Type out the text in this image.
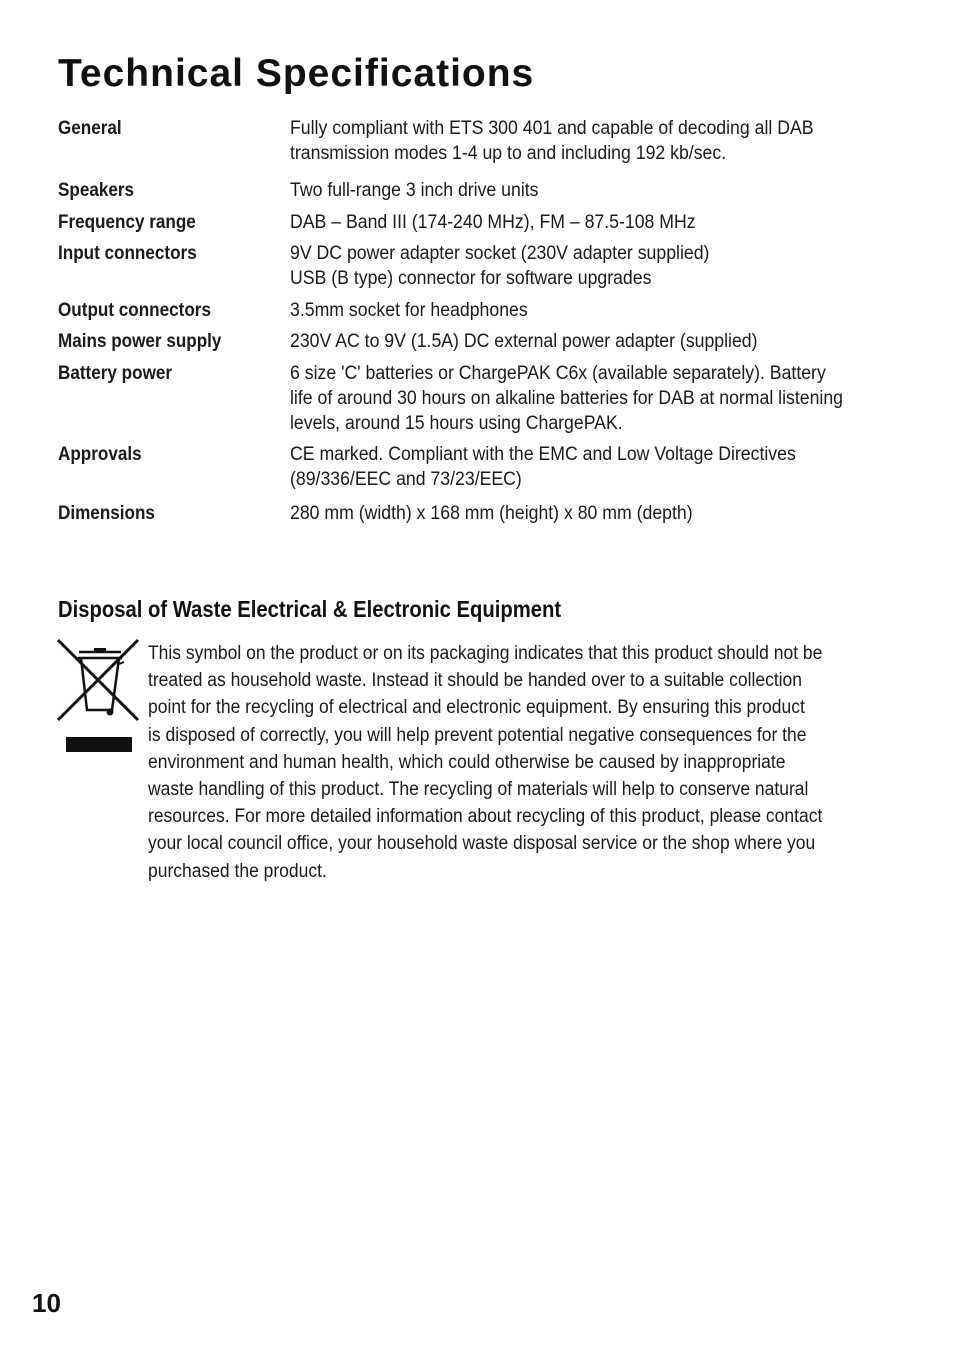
Technical Specifications
General	Fully compliant with ETS 300 401 and capable of decoding all DAB
transmission modes 1-4 up to and including 192 kb/sec.
Speakers	Two full-range 3 inch drive units
Frequency range	DAB – Band III (174-240 MHz), FM – 87.5-108 MHz
Input connectors	9V DC power adapter socket (230V adapter supplied)
USB (B type) connector for software upgrades
Output connectors	3.5mm socket for headphones
Mains power supply	230V AC to 9V (1.5A) DC external power adapter (supplied)
Battery power	6 size 'C' batteries or ChargePAK C6x (available separately). Battery
life of around 30 hours on alkaline batteries for DAB at normal listening
levels, around 15 hours using ChargePAK.
Approvals	CE marked. Compliant with the EMC and Low Voltage Directives
(89/336/EEC and 73/23/EEC)
Dimensions	280 mm (width) x 168 mm (height) x 80 mm (depth)
Disposal of Waste Electrical & Electronic Equipment
This symbol on the product or on its packaging indicates that this product should not be
treated as household waste. Instead it should be handed over to a suitable collection
point for the recycling of electrical and electronic equipment. By ensuring this product
is disposed of correctly, you will help prevent potential negative consequences for the
environment and human health, which could otherwise be caused by inappropriate
waste handling of this product. The recycling of materials will help to conserve natural
resources. For more detailed information about recycling of this product, please contact
your local council office, your household waste disposal service or the shop where you
purchased the product.
10
